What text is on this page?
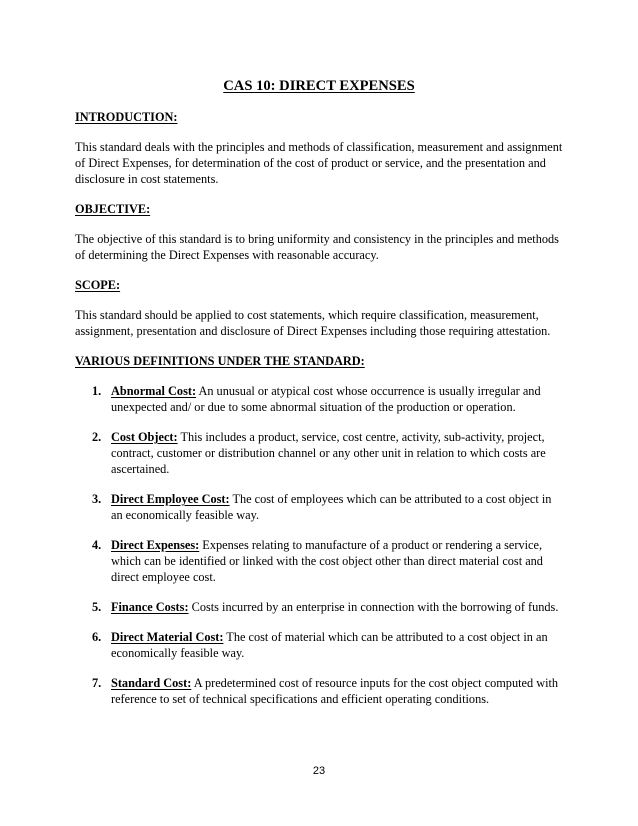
CAS 10: DIRECT EXPENSES

INTRODUCTION:

This standard deals with the principles and methods of classification, measurement and assignment of Direct Expenses, for determination of the cost of product or service, and the presentation and disclosure in cost statements.

OBJECTIVE:

The objective of this standard is to bring uniformity and consistency in the principles and methods of determining the Direct Expenses with reasonable accuracy.

SCOPE:

This standard should be applied to cost statements, which require classification, measurement, assignment, presentation and disclosure of Direct Expenses including those requiring attestation.

VARIOUS DEFINITIONS UNDER THE STANDARD:

1. Abnormal Cost: An unusual or atypical cost whose occurrence is usually irregular and unexpected and/ or due to some abnormal situation of the production or operation.
2. Cost Object: This includes a product, service, cost centre, activity, sub-activity, project, contract, customer or distribution channel or any other unit in relation to which costs are ascertained.
3. Direct Employee Cost: The cost of employees which can be attributed to a cost object in an economically feasible way.
4. Direct Expenses: Expenses relating to manufacture of a product or rendering a service, which can be identified or linked with the cost object other than direct material cost and direct employee cost.
5. Finance Costs: Costs incurred by an enterprise in connection with the borrowing of funds.
6. Direct Material Cost: The cost of material which can be attributed to a cost object in an economically feasible way.
7. Standard Cost: A predetermined cost of resource inputs for the cost object computed with reference to set of technical specifications and efficient operating conditions.
23
